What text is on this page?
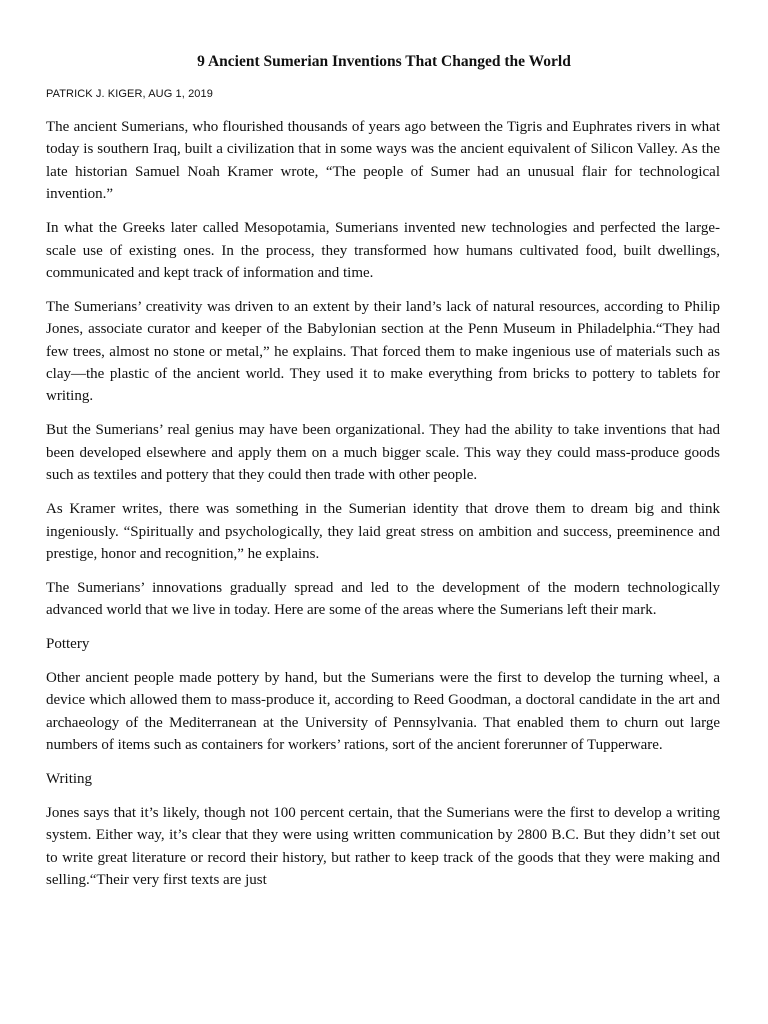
9 Ancient Sumerian Inventions That Changed the World
PATRICK J. KIGER, AUG 1, 2019

The ancient Sumerians, who flourished thousands of years ago between the Tigris and Euphrates rivers in what today is southern Iraq, built a civilization that in some ways was the ancient equivalent of Silicon Valley. As the late historian Samuel Noah Kramer wrote, “The people of Sumer had an unusual flair for technological invention.”

In what the Greeks later called Mesopotamia, Sumerians invented new technologies and perfected the large-scale use of existing ones. In the process, they transformed how humans cultivated food, built dwellings, communicated and kept track of information and time.

The Sumerians’ creativity was driven to an extent by their land’s lack of natural resources, according to Philip Jones, associate curator and keeper of the Babylonian section at the Penn Museum in Philadelphia.“They had few trees, almost no stone or metal,” he explains. That forced them to make ingenious use of materials such as clay—the plastic of the ancient world. They used it to make everything from bricks to pottery to tablets for writing.

But the Sumerians’ real genius may have been organizational. They had the ability to take inventions that had been developed elsewhere and apply them on a much bigger scale. This way they could mass-produce goods such as textiles and pottery that they could then trade with other people.

As Kramer writes, there was something in the Sumerian identity that drove them to dream big and think ingeniously. “Spiritually and psychologically, they laid great stress on ambition and success, preeminence and prestige, honor and recognition,” he explains.

The Sumerians’ innovations gradually spread and led to the development of the modern technologically advanced world that we live in today. Here are some of the areas where the Sumerians left their mark.

Pottery

Other ancient people made pottery by hand, but the Sumerians were the first to develop the turning wheel, a device which allowed them to mass-produce it, according to Reed Goodman, a doctoral candidate in the art and archaeology of the Mediterranean at the University of Pennsylvania. That enabled them to churn out large numbers of items such as containers for workers’ rations, sort of the ancient forerunner of Tupperware.

Writing

Jones says that it’s likely, though not 100 percent certain, that the Sumerians were the first to develop a writing system. Either way, it’s clear that they were using written communication by 2800 B.C. But they didn’t set out to write great literature or record their history, but rather to keep track of the goods that they were making and selling.“Their very first texts are just
